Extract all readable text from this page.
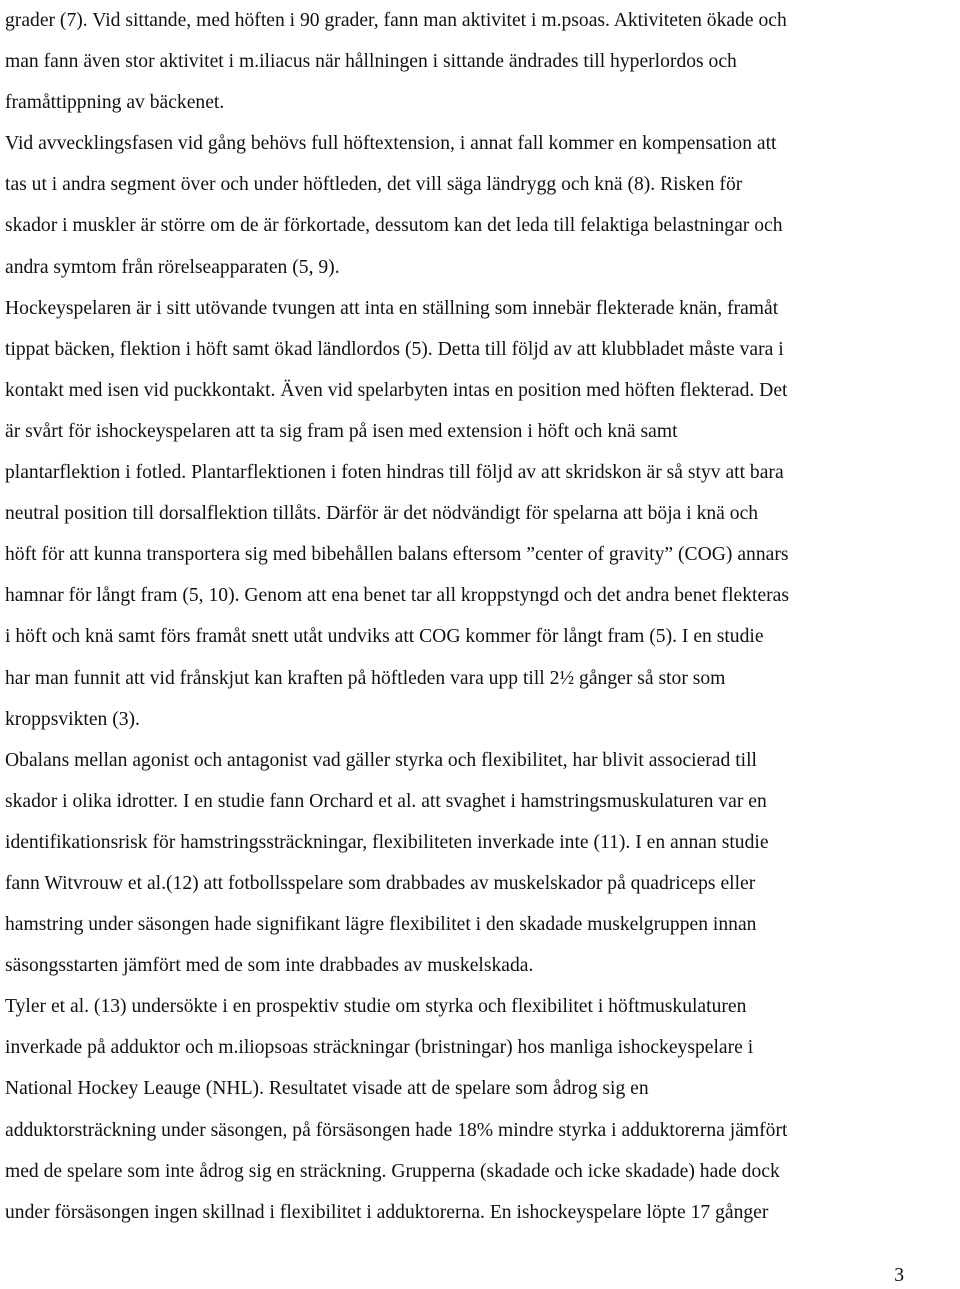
grader (7). Vid sittande, med höften i 90 grader, fann man aktivitet i m.psoas. Aktiviteten ökade och
man fann även stor aktivitet i m.iliacus när hållningen i sittande ändrades till hyperlordos och
framåttippning av bäckenet.
Vid avvecklingsfasen vid gång behövs full höftextension, i annat fall kommer en kompensation att
tas ut i andra segment över och under höftleden, det vill säga ländrygg och knä (8). Risken för
skador i muskler är större om de är förkortade, dessutom kan det leda till felaktiga belastningar och
andra symtom från rörelseapparaten (5, 9).
Hockeyspelaren är i sitt utövande tvungen att inta en ställning som innebär flekterade knän, framåt
tippat bäcken, flektion i höft samt ökad ländlordos (5). Detta till följd av att klubbladet måste vara i
kontakt med isen vid puckkontakt. Även vid spelarbyten intas en position med höften flekterad. Det
är svårt för ishockeyspelaren att ta sig fram på isen med extension i höft och knä samt
plantarflektion i fotled. Plantarflektionen i foten hindras till följd av att skridskon är så styv att bara
neutral position till dorsalflektion tillåts. Därför är det nödvändigt för spelarna att böja i knä och
höft för att kunna transportera sig med bibehållen balans eftersom ”center of gravity” (COG) annars
hamnar för långt fram (5, 10). Genom att ena benet tar all kroppstyngd och det andra benet flekteras
i höft och knä samt förs framåt snett utåt undviks att COG kommer för långt fram (5). I en studie
har man funnit att vid frånskjut kan kraften på höftleden vara upp till 2½ gånger så stor som
kroppsvikten (3).
Obalans mellan agonist och antagonist vad gäller styrka och flexibilitet, har blivit associerad till
skador i olika idrotter. I en studie fann Orchard et al. att svaghet i hamstringsmuskulaturen var en
identifikationsrisk för hamstringssträckningar, flexibiliteten inverkade inte (11). I en annan studie
fann Witvrouw et al.(12) att fotbollsspelare som drabbades av muskelskador på quadriceps eller
hamstring under säsongen hade signifikant lägre flexibilitet i den skadade muskelgruppen innan
säsongsstarten jämfört med de som inte drabbades av muskelskada.
Tyler et al. (13) undersökte i en prospektiv studie om styrka och flexibilitet i höftmuskulaturen
inverkade på adduktor och m.iliopsoas sträckningar (bristningar) hos manliga ishockeyspelare i
National Hockey Leauge (NHL). Resultatet visade att de spelare som ådrog sig en
adduktorsträckning under säsongen, på försäsongen hade 18% mindre styrka i adduktorerna jämfört
med de spelare som inte ådrog sig en sträckning. Grupperna (skadade och icke skadade) hade dock
under försäsongen ingen skillnad i flexibilitet i adduktorerna. En ishockeyspelare löpte 17 gånger
3
